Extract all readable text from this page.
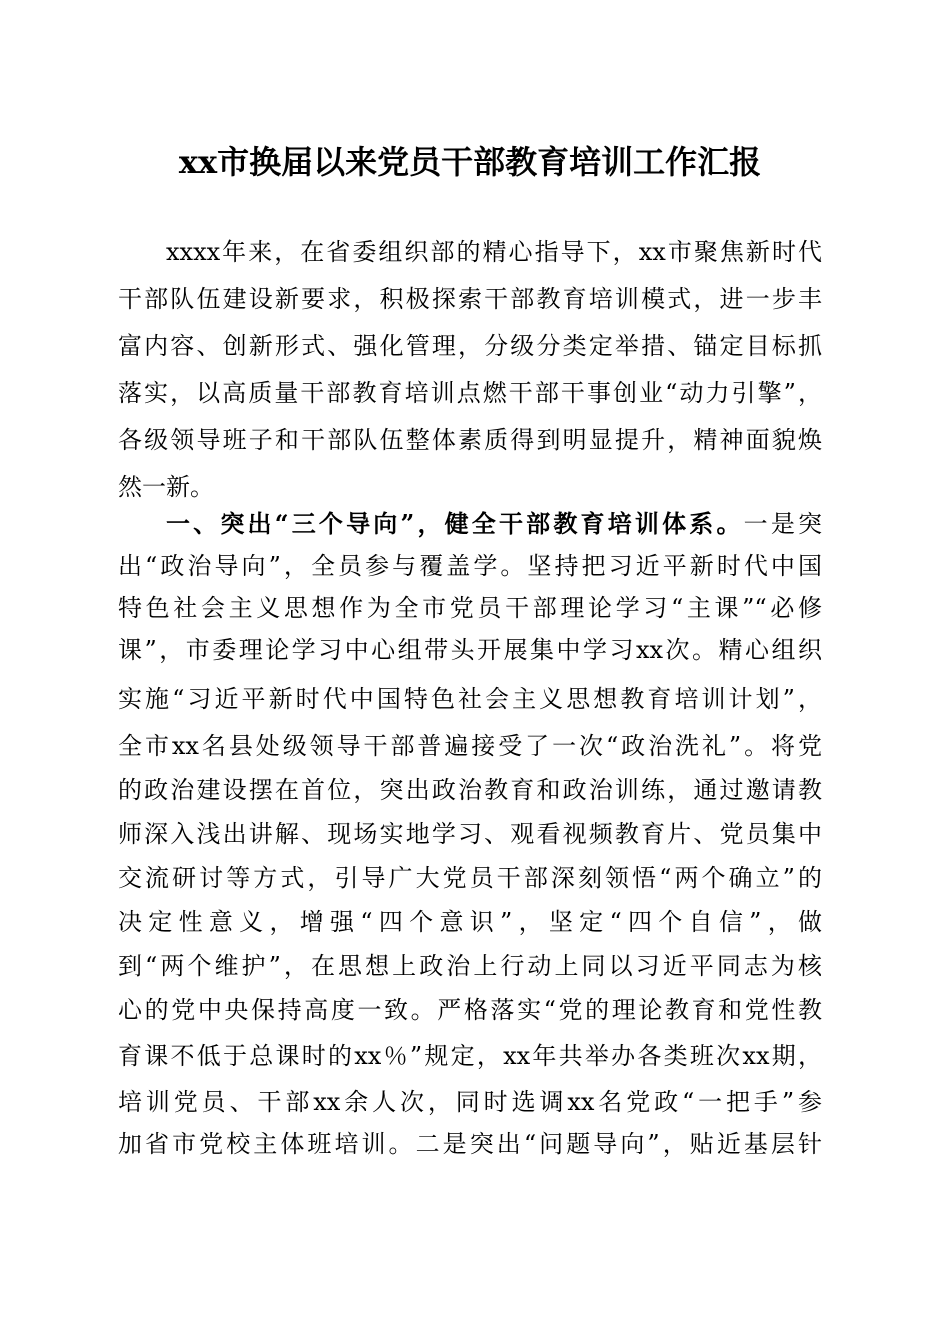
xx市换届以来党员干部教育培训工作汇报
xxxx年来，在省委组织部的精心指导下，xx市聚焦新时代
干部队伍建设新要求，积极探索干部教育培训模式，进一步丰
富内容、创新形式、强化管理，分级分类定举措、锚定目标抓
落实，以高质量干部教育培训点燃干部干事创业“动力引擎”，
各级领导班子和干部队伍整体素质得到明显提升，精神面貌焕
然一新。
一、突出“三个导向”，健全干部教育培训体系。一是突
出“政治导向”，全员参与覆盖学。坚持把习近平新时代中国
特色社会主义思想作为全市党员干部理论学习“主课”“必修
课”，市委理论学习中心组带头开展集中学习xx次。精心组织
实施“习近平新时代中国特色社会主义思想教育培训计划”，
全市xx名县处级领导干部普遍接受了一次“政治洗礼”。将党
的政治建设摆在首位，突出政治教育和政治训练，通过邀请教
师深入浅出讲解、现场实地学习、观看视频教育片、党员集中
交流研讨等方式，引导广大党员干部深刻领悟“两个确立”的
决定性意义，增强“四个意识”，坚定“四个自信”，做
到“两个维护”，在思想上政治上行动上同以习近平同志为核
心的党中央保持高度一致。严格落实“党的理论教育和党性教
育课不低于总课时的xx％”规定，xx年共举办各类班次xx期，
培训党员、干部xx余人次，同时选调xx名党政“一把手”参
加省市党校主体班培训。二是突出“问题导向”，贴近基层针
